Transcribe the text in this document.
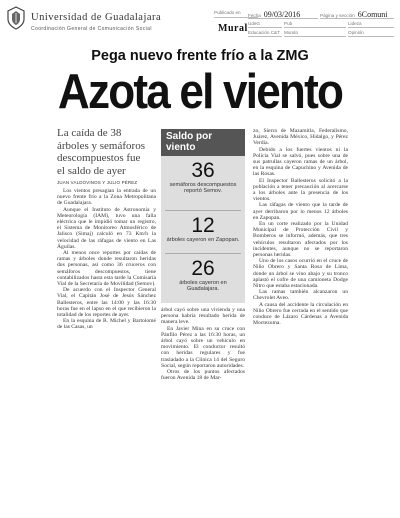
Universidad de Guadalajara
Coordinación General de Comunicación Social
Publicado en
Mural
Fecha 09/03/2016	Página y sección 6Comuni
UdeG	Pub	Lideza
Educación C&T Mundo	Opinión
Pega nuevo frente frío a la ZMG
Azota el viento
La caída de 38 árboles y semáforos descompuestos fue el saldo de ayer
JUAN VALDOVINOS Y JULIO PÉREZ
Saldo por viento
36
semáforos descompuestos reportó Semov.
12
árboles cayeron en Zapopan.
26
árboles cayeron en Guadalajara.

Los vientos presagian la entrada de un nuevo frente frío a la Zona Metropolitana de Guadalajara.

Aunque el Instituto de Astronomía y Meteorología (IAM), tuvo una falla eléctrica que le impidió tomar un registro, el Sistema de Monitoreo Atmosférico de Jalisco (Simaj) calculó en 73 Km/h la velocidad de las ráfagas de viento en Las Águilas.

Al menos once reportes por caídas de ramas y árboles donde resultaron heridas dos personas, así como 36 cruceros con semáforos descompuestos, tiene contabilizados hasta esta tarde la Comisaría Vial de la Secretaría de Movilidad (Semov).

De acuerdo con el Inspector General Vial, el Capitán José de Jesús Sánchez Ballesteros, entre las 14:00 y las 16:30 horas fue en el lapso en el que recibieron la totalidad de los reportes de ayer.

En la esquina de R. Michel y Bartolomé de las Casas, un

árbol cayó sobre una vivienda y una persona habría resultado herida de manera leve.

En Javier Mina en su cruce con Pánfilo Pérez a las 16:30 horas, un árbol cayó sobre un vehículo en movimiento. El conductor resultó con heridas regulares y fue trasladado a la Clínica 14 del Seguro Social, según reportaron autoridades.

Otros de los puntos afectados fueron Avenida 18 de Mar-

zo, Sierra de Mazamitla, Federalismo, Juárez, Avenida México, Hidalgo, y Pérez Verdía.

Debido a los fuertes vientos ni la Policía Vial se salvó, pues sobre una de sus patrullas cayeron ramas de un árbol, en la esquina de Capuchino y Avenida de las Rosas.

El Inspector Ballesteros solicitó a la población a tener precaución al acercarse a los árboles ante la presencia de los vientos.

Las ráfagas de viento que la tarde de ayer derribaron por lo menos 12 árboles en Zapopan.

En un corte realizado por la Unidad Municipal de Protección Civil y Bomberos se informó, además, que tres vehículos resultaron afectados por los incidentes, aunque no se reportaron personas heridas.

Uno de los casos ocurrió en el cruce de Niño Obrero y Santa Rosa de Lima, donde un árbol se vino abajo y su tronco aplastó el cofre de una camioneta Dodge Nitro que estaba estacionada.

Las ramas también alcanzaron un Chevrolet Aveo.

A causa del accidente la circulación en Niño Obrero fue cerrada en el sentido que conduce de Lázaro Cárdenas a Avenida Moctezuma.
